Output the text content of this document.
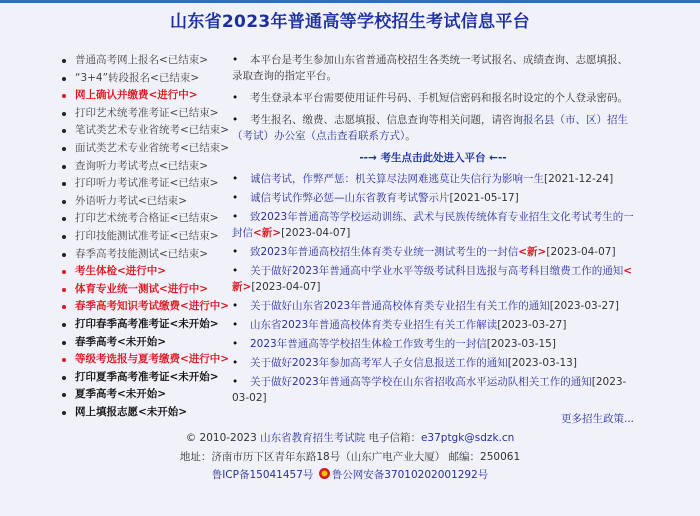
山东省2023年普通高等学校招生考试信息平台
普通高考网上报名<已结束>
“3+4”转段报名<已结束>
网上确认并缴费<进行中>
打印艺术统考准考证<已结束>
笔试类艺术专业省统考<已结束>
面试类艺术专业省统考<已结束>
查询听力考试考点<已结束>
打印听力考试准考证<已结束>
外语听力考试<已结束>
打印艺术统考合格证<已结束>
打印技能测试准考证<已结束>
春季高考技能测试<已结束>
考生体检<进行中>
体育专业统一测试<进行中>
春季高考知识考试缴费<进行中>
打印春季高考准考证<未开始>
春季高考<未开始>
等级考选报与夏考缴费<进行中>
打印夏季高考准考证<未开始>
夏季高考<未开始>
网上填报志愿<未开始>

•本平台是考生参加山东省普通高校招生各类统一考试报名、成绩查询、志愿填报、录取查询的指定平台。

•考生登录本平台需要使用证件号码、手机短信密码和报名时设定的个人登录密码。

•考生报名、缴费、志愿填报、信息查询等相关问题，请咨询报名县（市、区）招生（考试）办公室（点击查看联系方式）。

--→ 考生点击此处进入平台 ←--

•诚信考试，作弊严惩：机关算尽法网难逃莫让失信行为影响一生[2021-12-24]

•诚信考试作弊必惩—山东省教育考试警示片[2021-05-17]

•致2023年普通高等学校运动训练、武术与民族传统体育专业招生文化考试考生的一封信<新>[2023-04-07]

•致2023年普通高校招生体育类专业统一测试考生的一封信<新>[2023-04-07]

•关于做好2023年普通高中学业水平等级考试科目选报与高考科目缴费工作的通知<新>[2023-04-07]

•关于做好山东省2023年普通高校体育类专业招生有关工作的通知[2023-03-27]

•山东省2023年普通高校体育类专业招生有关工作解读[2023-03-27]

•2023年普通高等学校招生体检工作致考生的一封信[2023-03-15]

•关于做好2023年参加高考军人子女信息报送工作的通知[2023-03-13]

•关于做好2023年普通高等学校在山东省招收高水平运动队相关工作的通知[2023-03-02]

更多招生政策...
© 2010-2023 山东省教育招生考试院 电子信箱：e37ptgk@sdzk.cn
地址：济南市历下区青年东路18号（山东广电产业大厦） 邮编：250061
鲁ICP备15041457号 鲁公网安备37010202001292号
